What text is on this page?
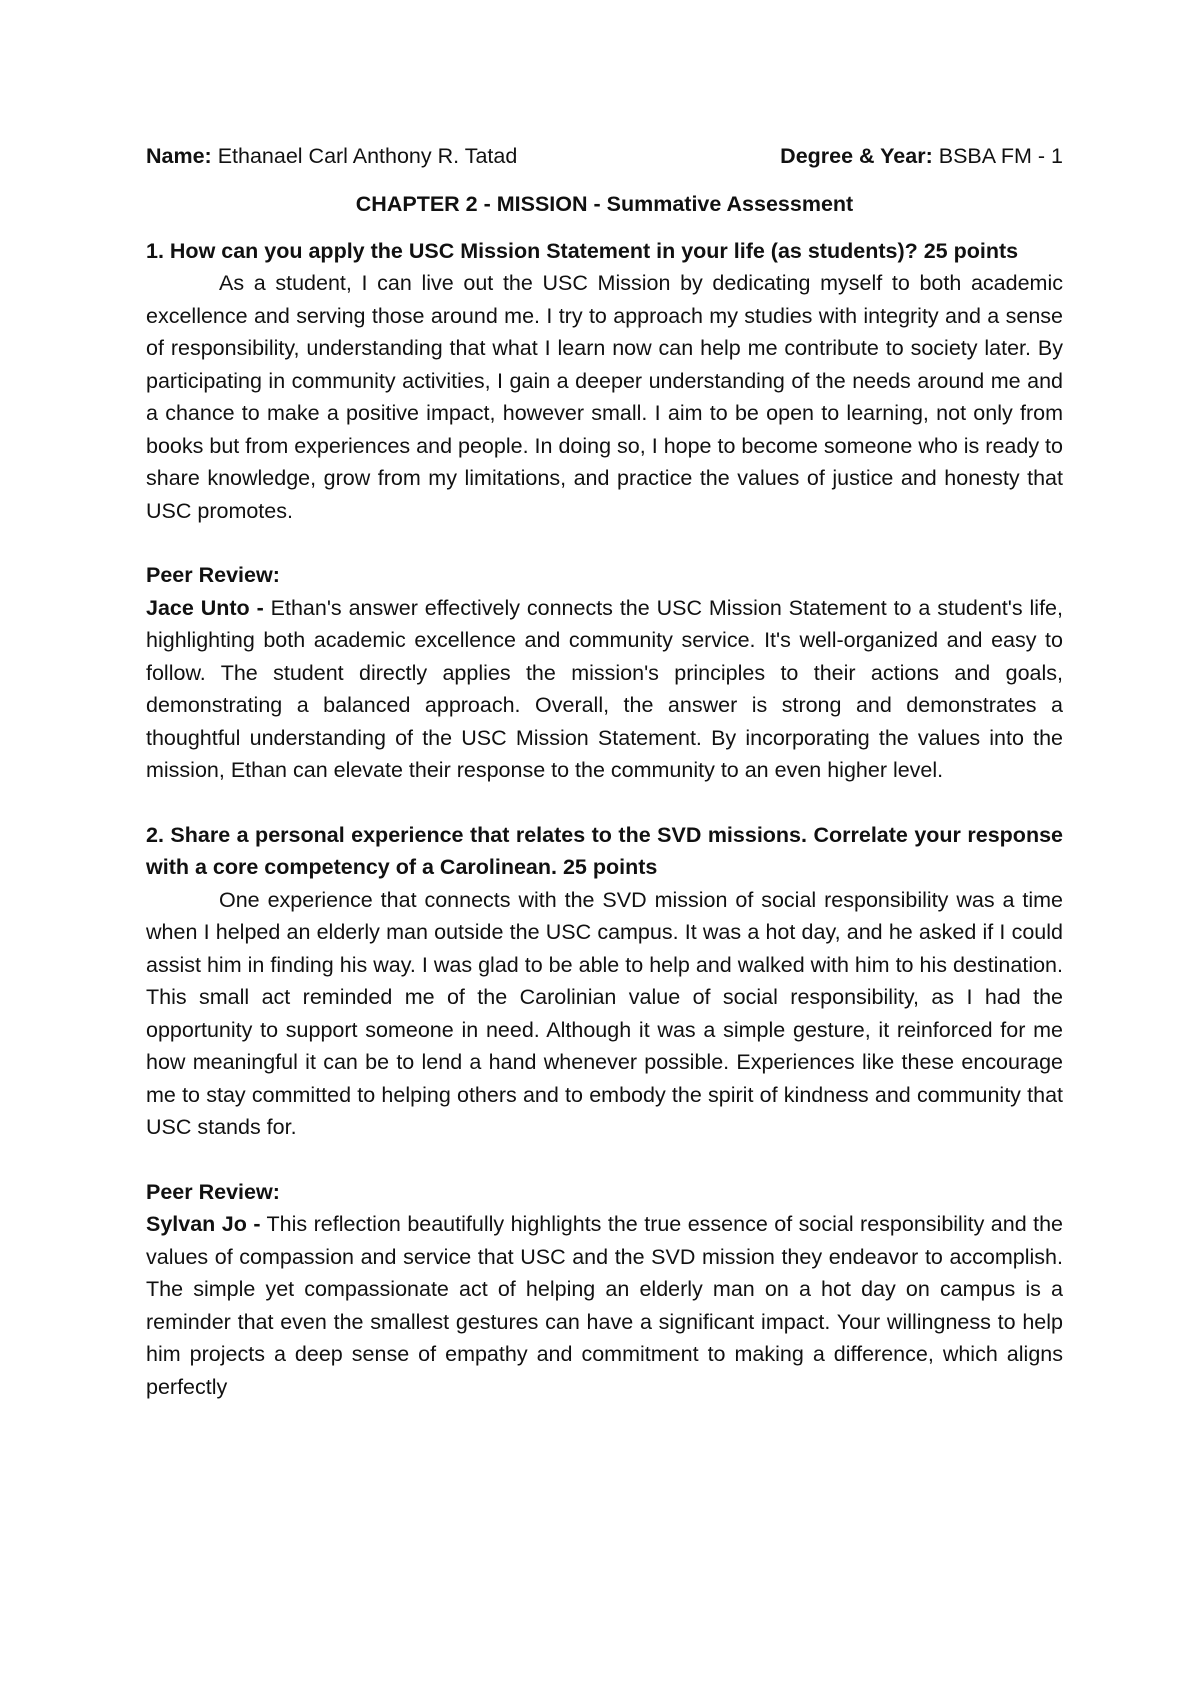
Name: Ethanael Carl Anthony R. Tatad	Degree & Year: BSBA FM - 1

CHAPTER 2 - MISSION - Summative Assessment

1. How can you apply the USC Mission Statement in your life (as students)? 25 points

As a student, I can live out the USC Mission by dedicating myself to both academic excellence and serving those around me. I try to approach my studies with integrity and a sense of responsibility, understanding that what I learn now can help me contribute to society later. By participating in community activities, I gain a deeper understanding of the needs around me and a chance to make a positive impact, however small. I aim to be open to learning, not only from books but from experiences and people. In doing so, I hope to become someone who is ready to share knowledge, grow from my limitations, and practice the values of justice and honesty that USC promotes.

Peer Review:

Jace Unto - Ethan's answer effectively connects the USC Mission Statement to a student's life, highlighting both academic excellence and community service. It's well-organized and easy to follow. The student directly applies the mission's principles to their actions and goals, demonstrating a balanced approach. Overall, the answer is strong and demonstrates a thoughtful understanding of the USC Mission Statement. By incorporating the values into the mission, Ethan can elevate their response to the community to an even higher level.

2. Share a personal experience that relates to the SVD missions. Correlate your response with a core competency of a Carolinean. 25 points

One experience that connects with the SVD mission of social responsibility was a time when I helped an elderly man outside the USC campus. It was a hot day, and he asked if I could assist him in finding his way. I was glad to be able to help and walked with him to his destination. This small act reminded me of the Carolinian value of social responsibility, as I had the opportunity to support someone in need. Although it was a simple gesture, it reinforced for me how meaningful it can be to lend a hand whenever possible. Experiences like these encourage me to stay committed to helping others and to embody the spirit of kindness and community that USC stands for.

Peer Review:

Sylvan Jo - This reflection beautifully highlights the true essence of social responsibility and the values of compassion and service that USC and the SVD mission they endeavor to accomplish. The simple yet compassionate act of helping an elderly man on a hot day on campus is a reminder that even the smallest gestures can have a significant impact. Your willingness to help him projects a deep sense of empathy and commitment to making a difference, which aligns perfectly
